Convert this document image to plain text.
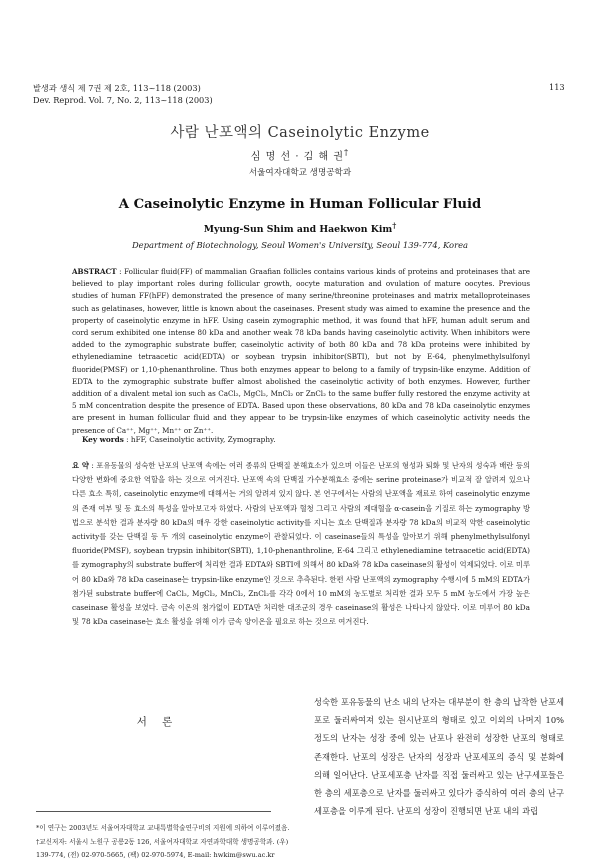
발생과 생식 제 7권 제 2호, 113~118 (2003)
Dev. Reprod. Vol. 7, No. 2, 113~118 (2003)
113
사람 난포액의 Caseinolytic Enzyme
심 명 선 · 김 해 권†
서울여자대학교 생명공학과
A Caseinolytic Enzyme in Human Follicular Fluid
Myung-Sun Shim and Haekwon Kim†
Department of Biotechnology, Seoul Women's University, Seoul 139-774, Korea

ABSTRACT : Follicular fluid(FF) of mammalian Graafian follicles contains various kinds of proteins and proteinases that are believed to play important roles during follicular growth, oocyte maturation and ovulation of mature oocytes. Previous studies of human FF(hFF) demonstrated the presence of many serine/threonine proteinases and matrix metalloproteinases such as gelatinases, however, little is known about the caseinases. Present study was aimed to examine the presence and the property of caseinolytic enzyme in hFF. Using casein zymographic method, it was found that hFF, human adult serum and cord serum exhibited one intense 80 kDa and another weak 78 kDa bands having caseinolytic activity. When inhibitors were added to the zymographic substrate buffer, caseinolytic activity of both 80 kDa and 78 kDa proteins were inhibited by ethylenediamine tetraacetic acid(EDTA) or soybean trypsin inhibitor(SBTI), but not by E-64, phenylmethylsulfonyl fluoride(PMSF) or 1,10-phenanthroline. Thus both enzymes appear to belong to a family of trypsin-like enzyme. Addition of EDTA to the zymographic substrate buffer almost abolished the caseinolytic activity of both enzymes. However, further addition of a divalent metal ion such as CaCl₂, MgCl₂, MnCl₂ or ZnCl₂ to the same buffer fully restored the enzyme activity at 5 mM concentration despite the presence of EDTA. Based upon these observations, 80 kDa and 78 kDa caseinolytic enzymes are present in human follicular fluid and they appear to be trypsin-like enzymes of which caseinolytic activity needs the presence of Ca⁺⁺, Mg⁺⁺, Mn⁺⁺ or Zn⁺⁺.

Key words : hFF, Caseinolytic activity, Zymography.

요 약 : 포유동물의 성숙한 난포의 난포액 속에는 여러 종류의 단백질 분해효소가 있으며 이들은 난포의 형성과 퇴화 및 난자의 성숙과 배란 등의 다양한 변화에 중요한 역할을 하는 것으로 여겨진다. 난포액 속의 단백질 가수분해효소 중에는 serine proteinase가 비교적 잘 알려져 있으나 다른 효소 특히, caseinolytic enzyme에 대해서는 거의 알려져 있지 않다. 본 연구에서는 사람의 난포액을 재료로 하여 caseinolytic enzyme의 존재 여부 및 동 효소의 특성을 알아보고자 하였다. 사람의 난포액과 혈청 그리고 사람의 제대혈을 α-casein을 기질로 하는 zymography 방법으로 분석한 결과 분자량 80 kDa의 매우 강한 caseinolytic activity를 지니는 효소 단백질과 분자량 78 kDa의 비교적 약한 caseinolytic activity를 갖는 단백질 등 두 개의 caseinolytic enzyme이 관찰되었다. 이 caseinase들의 특성을 알아보기 위해 phenylmethylsulfonyl fluoride(PMSF), soybean trypsin inhibitor(SBTI), 1,10-phenanthroline, E-64 그리고 ethylenediamine tetraacetic acid(EDTA)를 zymography의 substrate buffer에 처리한 결과 EDTA와 SBTI에 의해서 80 kDa와 78 kDa caseinase의 활성이 억제되었다. 이로 미루어 80 kDa와 78 kDa caseinase는 trypsin-like enzyme인 것으로 추측된다. 한편 사람 난포액의 zymography 수행시에 5 mM의 EDTA가 첨가된 substrate buffer에 CaCl₂, MgCl₂, MnCl₂, ZnCl₂를 각각 0에서 10 mM의 농도별로 처리한 결과 모두 5 mM 농도에서 가장 높은 caseinase 활성을 보였다. 금속 이온의 첨가없이 EDTA만 처리한 대조군의 경우 caseinase의 활성은 나타나지 않았다. 이로 미루어 80 kDa 및 78 kDa caseinase는 효소 활성을 위해 이가 금속 양이온을 필요로 하는 것으로 여겨진다.

서 론

*이 연구는 2003년도 서울여자대학교 교내특별학술연구비의 지원에 의하여 이루어졌음.
†교신저자: 서울시 노원구 공릉2동 126, 서울여자대학교 자연과학대학 생명공학과. (우) 139-774, (전) 02-970-5665, (팩) 02-970-5974, E-mail: hwkim@swu.ac.kr

성숙한 포유동물의 난소 내의 난자는 대부분이 한 층의 납작한 난포세포로 둘러싸여져 있는 원시난포의 형태로 있고 이외의 나머지 10% 정도의 난자는 성장 중에 있는 난포나 완전히 성장한 난포의 형태로 존재한다. 난포의 성장은 난자의 성장과 난포세포의 증식 및 분화에 의해 일어난다. 난포세포층 난자를 직접 둘러싸고 있는 난구세포들은 한 층의 세포층으로 난자를 둘러싸고 있다가 증식하여 여러 층의 난구세포층을 이루게 된다. 난포의 성장이 진행되면 난포 내의 과립
